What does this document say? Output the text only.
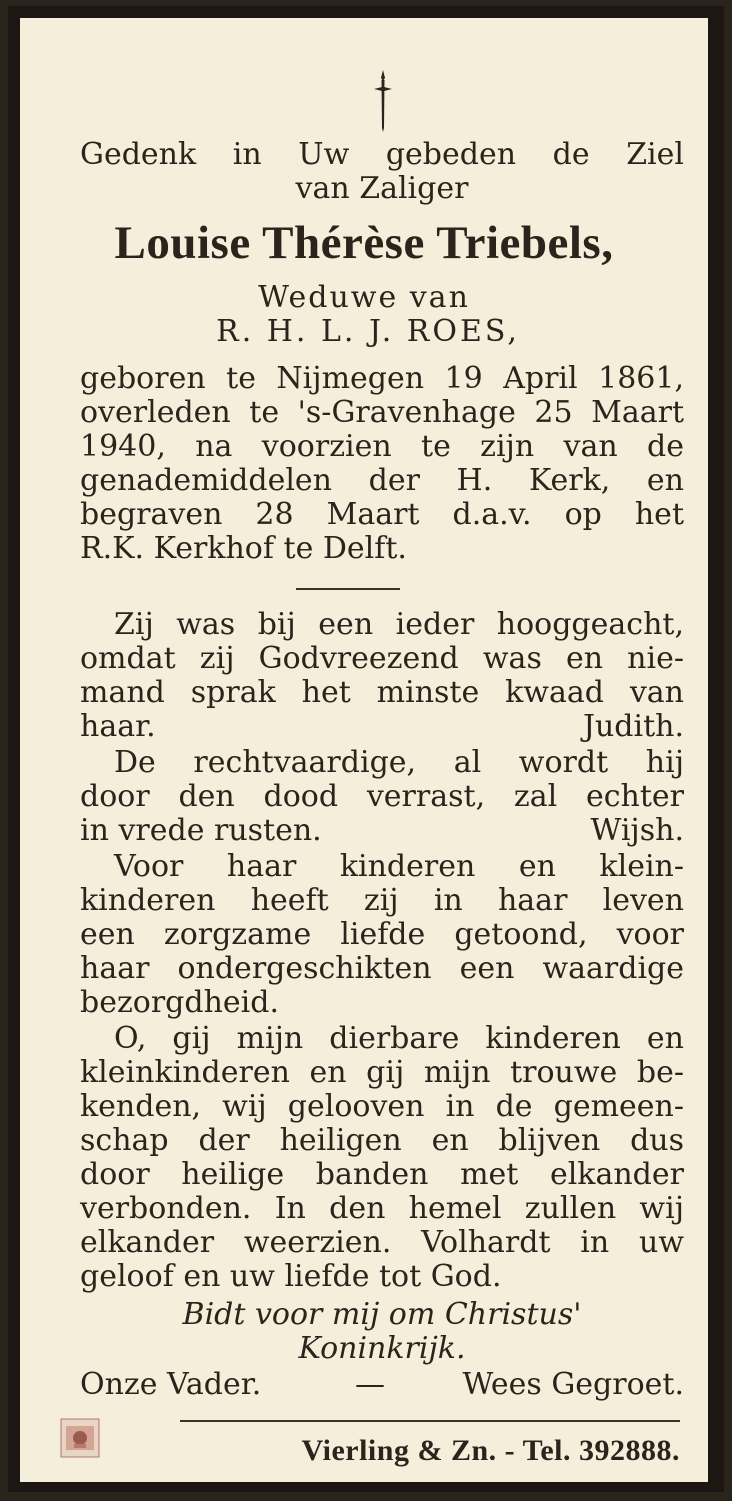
Gedenk in Uw gebeden de Ziel
van Zaliger
Louise Thérèse Triebels,
Weduwe van
R. H. L. J. ROES,
geboren te Nijmegen 19 April 1861,
overleden te 's-Gravenhage 25 Maart
1940, na voorzien te zijn van de
genademiddelen der H. Kerk, en
begraven 28 Maart d.a.v. op het
R.K. Kerkhof te Delft.
Zij was bij een ieder hooggeacht,
omdat zij Godvreezend was en nie-
mand sprak het minste kwaad van
haar.	Judith.
De rechtvaardige, al wordt hij
door den dood verrast, zal echter
in vrede rusten.	Wijsh.
Voor haar kinderen en klein-
kinderen heeft zij in haar leven
een zorgzame liefde getoond, voor
haar ondergeschikten een waardige
bezorgdheid.
O, gij mijn dierbare kinderen en
kleinkinderen en gij mijn trouwe be-
kenden, wij gelooven in de gemeen-
schap der heiligen en blijven dus
door heilige banden met elkander
verbonden. In den hemel zullen wij
elkander weerzien. Volhardt in uw
geloof en uw liefde tot God.
Bidt voor mij om Christus'
Koninkrijk.
Onze Vader.	—	Wees Gegroet.
Vierling & Zn. - Tel. 392888.
